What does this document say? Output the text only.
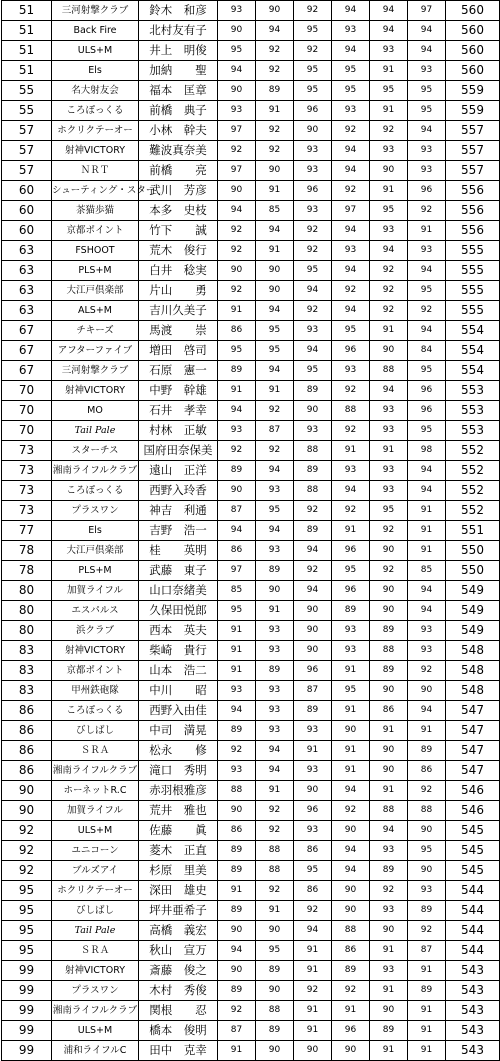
51	三河射撃クラブ	鈴木　和彦	93	90	92	94	94	97	560
51	Back Fire	北村友有子	90	94	95	93	94	94	560
51	ULS+M	井上　明俊	95	92	92	94	93	94	560
51	Els	加納　　聖	94	92	95	95	91	93	560
55	名大射友会	福本　匡章	90	89	95	95	95	95	559
55	ころぽっくる	前橋　典子	93	91	96	93	91	95	559
57	ホクリクテーオー	小林　幹夫	97	92	90	92	92	94	557
57	射神VICTORY	難波真奈美	92	92	93	94	93	93	557
57	ＮＲＴ	前橋　　亮	97	90	93	94	90	93	557
60	シューティング・スター	武川　芳彦	90	91	96	92	91	96	556
60	茶猫歩猫	本多　史枝	94	85	93	97	95	92	556
60	京都ポイント	竹下　　誠	92	94	92	94	93	91	556
63	FSHOOT	荒木　俊行	92	91	92	93	94	93	555
63	PLS+M	白井　稔実	90	90	95	94	92	94	555
63	大江戸倶楽部	片山　　勇	92	90	94	92	92	95	555
63	ALS+M	吉川久美子	91	94	92	94	92	92	555
67	チキーズ	馬渡　　崇	86	95	93	95	91	94	554
67	アフターファイブ	増田　啓司	95	95	94	96	90	84	554
67	三河射撃クラブ	石原　憲一	89	94	95	93	88	95	554
70	射神VICTORY	中野　幹雄	91	91	89	92	94	96	553
70	MO	石井　孝幸	94	92	90	88	93	96	553
70	Tail Pale	村林　正敏	93	87	93	92	93	95	553
73	スターチス	国府田奈保美	92	92	88	91	91	98	552
73	湘南ライフルクラブ	遠山　正洋	89	94	89	93	93	94	552
73	ころぽっくる	西野入玲香	90	93	88	94	93	94	552
73	プラスワン	神吉　利通	87	95	92	92	95	91	552
77	Els	吉野　浩一	94	94	89	91	92	91	551
78	大江戸倶楽部	桂　　英明	86	93	94	96	90	91	550
78	PLS+M	武藤　東子	97	89	92	95	92	85	550
80	加賀ライフル	山口奈緒美	85	90	94	96	90	94	549
80	エスパルス	久保田悦郎	95	91	90	89	90	94	549
80	浜クラブ	西本　英夫	91	93	90	93	89	93	549
83	射神VICTORY	柴崎　貴行	91	93	90	93	88	93	548
83	京都ポイント	山本　浩二	91	89	96	91	89	92	548
83	甲州鉄砲隊	中川　　昭	93	93	87	95	90	90	548
86	ころぽっくる	西野入由佳	94	93	89	91	86	94	547
86	びしばし	中司　満晃	89	93	93	90	91	91	547
86	ＳＲＡ	松永　　修	92	94	91	91	90	89	547
86	湘南ライフルクラブ	滝口　秀明	93	94	93	91	90	86	547
90	ホーネットR.C	赤羽根雅彦	88	91	90	94	91	92	546
90	加賀ライフル	荒井　雅也	90	92	96	92	88	88	546
92	ULS+M	佐藤　　眞	86	92	93	90	94	90	545
92	ユニコーン	菱木　正直	89	88	86	94	93	95	545
92	ブルズアイ	杉原　里美	89	88	95	94	89	90	545
95	ホクリクテーオー	深田　雄史	91	92	86	90	92	93	544
95	びしばし	坪井亜希子	89	91	92	90	93	89	544
95	Tail Pale	高橋　義宏	90	90	94	88	90	92	544
95	ＳＲＡ	秋山　宣万	94	95	91	86	91	87	544
99	射神VICTORY	斎藤　俊之	90	89	91	89	93	91	543
99	プラスワン	木村　秀俊	89	90	92	92	91	89	543
99	湘南ライフルクラブ	関根　　忍	92	88	91	91	90	91	543
99	ULS+M	橋本　俊明	87	89	91	96	89	91	543
99	浦和ライフルC	田中　克幸	91	90	90	90	91	91	543
